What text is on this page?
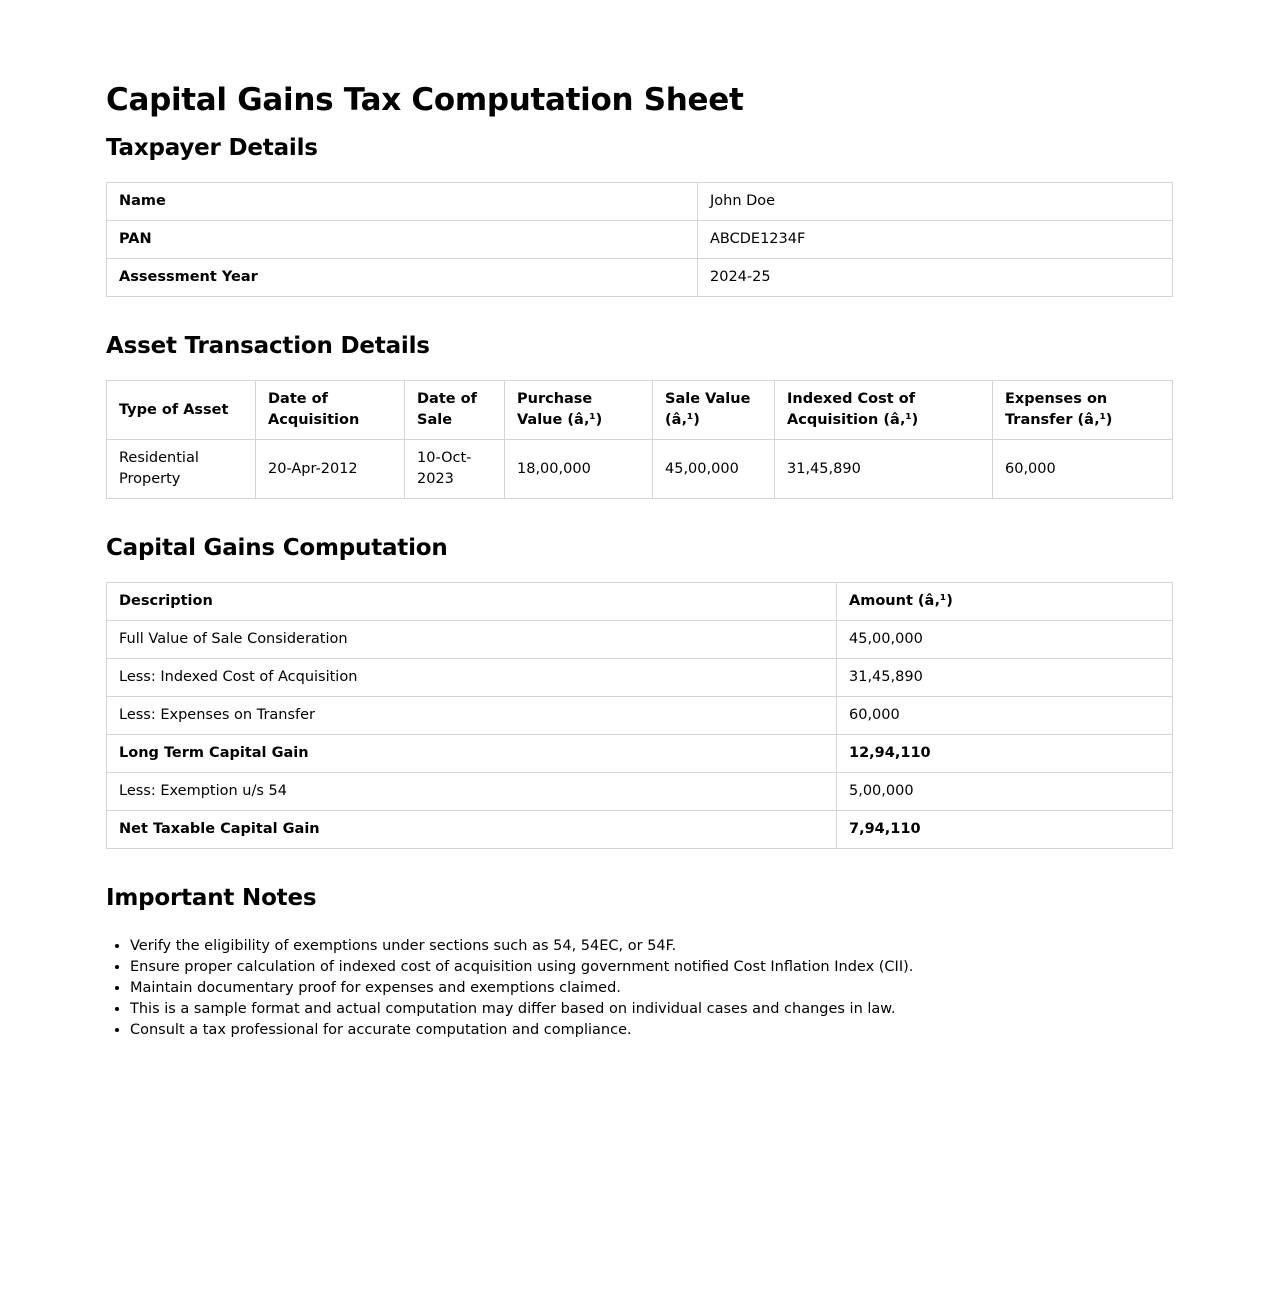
Capital Gains Tax Computation Sheet
Taxpayer Details
Name	John Doe
PAN	ABCDE1234F
Assessment Year	2024-25
Asset Transaction Details
Type of Asset	Date of Acquisition	Date of Sale	Purchase Value (â‚¹)	Sale Value (â‚¹)	Indexed Cost of Acquisition (â‚¹)	Expenses on Transfer (â‚¹)
Residential Property	20-Apr-2012	10-Oct-2023	18,00,000	45,00,000	31,45,890	60,000
Capital Gains Computation
Description	Amount (â‚¹)
Full Value of Sale Consideration	45,00,000
Less: Indexed Cost of Acquisition	31,45,890
Less: Expenses on Transfer	60,000
Long Term Capital Gain	12,94,110
Less: Exemption u/s 54	5,00,000
Net Taxable Capital Gain	7,94,110
Important Notes
• Verify the eligibility of exemptions under sections such as 54, 54EC, or 54F.
• Ensure proper calculation of indexed cost of acquisition using government notified Cost Inflation Index (CII).
• Maintain documentary proof for expenses and exemptions claimed.
• This is a sample format and actual computation may differ based on individual cases and changes in law.
• Consult a tax professional for accurate computation and compliance.
